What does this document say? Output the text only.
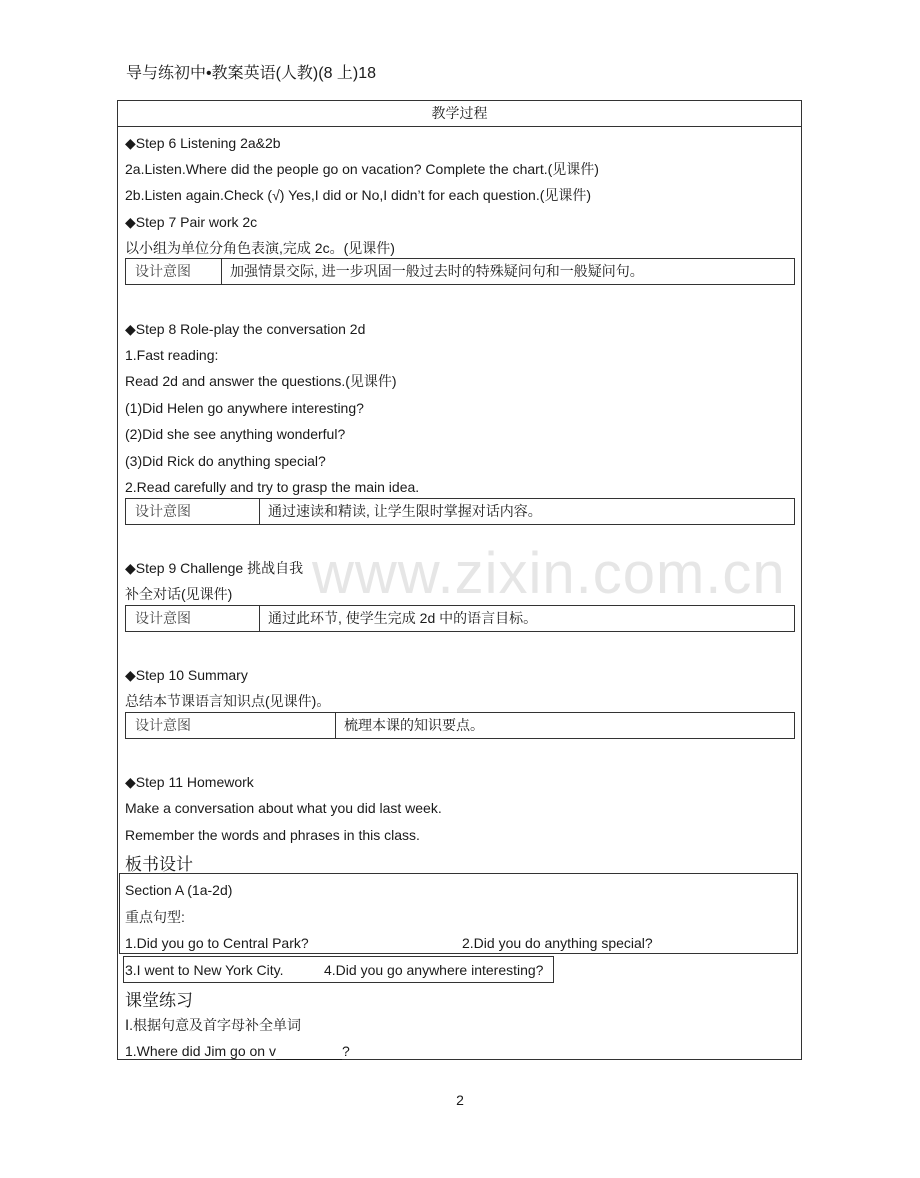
导与练初中•教案英语(人教)(8 上)18
www.zixin.com.cn
教学过程
◆Step 6 Listening 2a&2b
2a.Listen.Where did the people go on vacation? Complete the chart.(见课件)
2b.Listen again.Check (√) Yes,I did or No,I didn’t for each question.(见课件)
◆Step 7 Pair work 2c
以小组为单位分角色表演,完成 2c。(见课件)
设计意图	加强情景交际, 进一步巩固一般过去时的特殊疑问句和一般疑问句。
◆Step 8 Role-play the conversation 2d
1.Fast reading:
Read 2d and answer the questions.(见课件)
(1)Did Helen go anywhere interesting?
(2)Did she see anything wonderful?
(3)Did Rick do anything special?
2.Read carefully and try to grasp the main idea.
设计意图	通过速读和精读, 让学生限时掌握对话内容。
◆Step 9 Challenge 挑战自我
补全对话(见课件)
设计意图	通过此环节, 使学生完成 2d 中的语言目标。
◆Step 10 Summary
总结本节课语言知识点(见课件)。
设计意图	梳理本课的知识要点。
◆Step 11 Homework
Make a conversation about what you did last week.
Remember the words and phrases in this class.
板书设计
Section A (1a-2d)
重点句型:
1.Did you go to Central Park?	2.Did you do anything special?
3.I went to New York City.	4.Did you go anywhere interesting?
课堂练习
Ⅰ.根据句意及首字母补全单词
1.Where did Jim go on v	?
2
